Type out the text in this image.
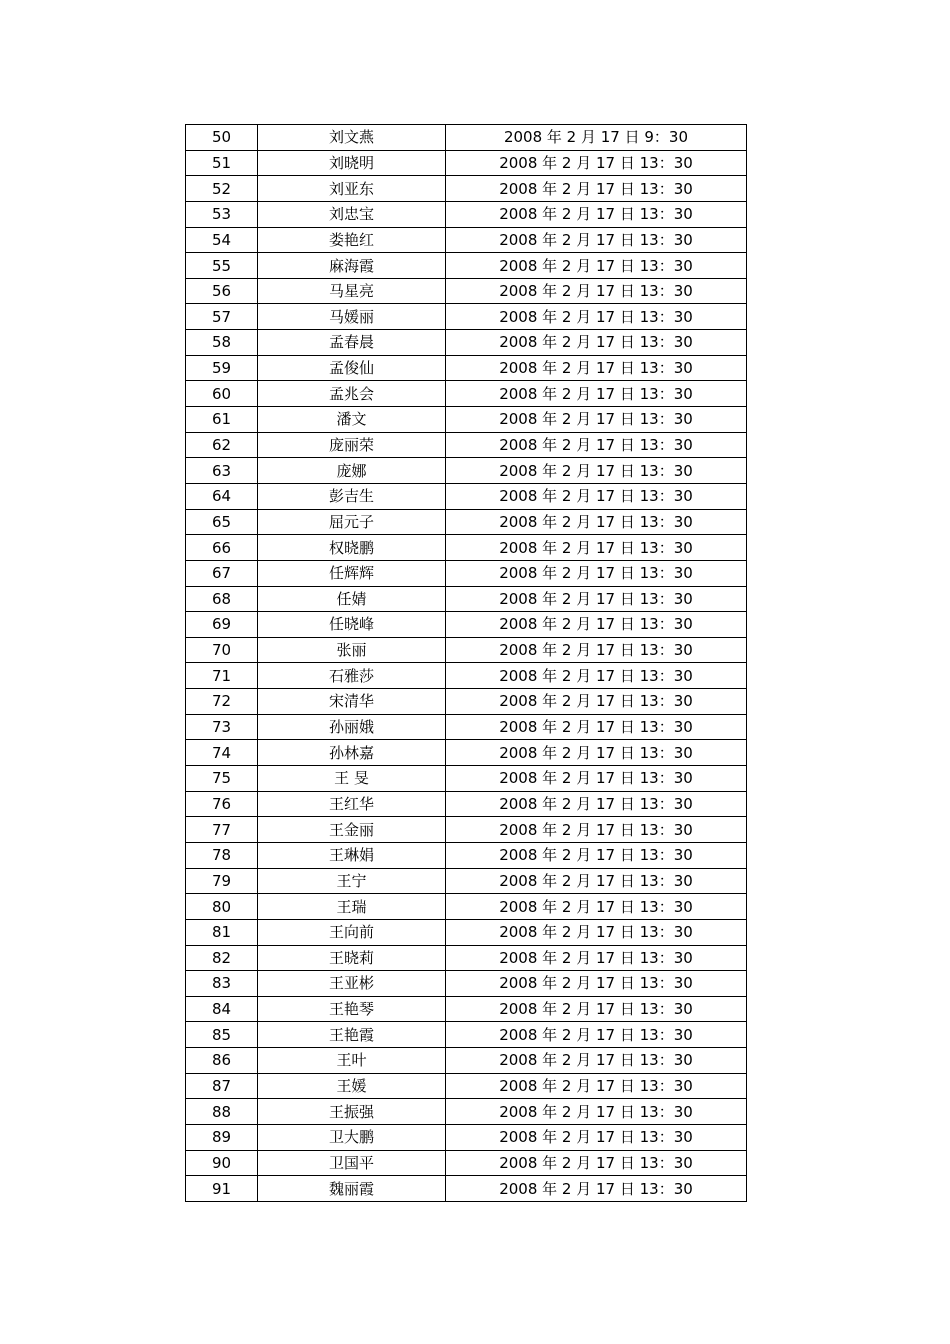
50	刘文燕	2008 年 2 月 17 日 9：30
51	刘晓明	2008 年 2 月 17 日 13：30
52	刘亚东	2008 年 2 月 17 日 13：30
53	刘忠宝	2008 年 2 月 17 日 13：30
54	娄艳红	2008 年 2 月 17 日 13：30
55	麻海霞	2008 年 2 月 17 日 13：30
56	马星亮	2008 年 2 月 17 日 13：30
57	马媛丽	2008 年 2 月 17 日 13：30
58	孟春晨	2008 年 2 月 17 日 13：30
59	孟俊仙	2008 年 2 月 17 日 13：30
60	孟兆会	2008 年 2 月 17 日 13：30
61	潘文	2008 年 2 月 17 日 13：30
62	庞丽荣	2008 年 2 月 17 日 13：30
63	庞娜	2008 年 2 月 17 日 13：30
64	彭吉生	2008 年 2 月 17 日 13：30
65	屈元子	2008 年 2 月 17 日 13：30
66	权晓鹏	2008 年 2 月 17 日 13：30
67	任辉辉	2008 年 2 月 17 日 13：30
68	任婧	2008 年 2 月 17 日 13：30
69	任晓峰	2008 年 2 月 17 日 13：30
70	张丽	2008 年 2 月 17 日 13：30
71	石雅莎	2008 年 2 月 17 日 13：30
72	宋清华	2008 年 2 月 17 日 13：30
73	孙丽娥	2008 年 2 月 17 日 13：30
74	孙林嘉	2008 年 2 月 17 日 13：30
75	王 旻	2008 年 2 月 17 日 13：30
76	王红华	2008 年 2 月 17 日 13：30
77	王金丽	2008 年 2 月 17 日 13：30
78	王琳娟	2008 年 2 月 17 日 13：30
79	王宁	2008 年 2 月 17 日 13：30
80	王瑞	2008 年 2 月 17 日 13：30
81	王向前	2008 年 2 月 17 日 13：30
82	王晓莉	2008 年 2 月 17 日 13：30
83	王亚彬	2008 年 2 月 17 日 13：30
84	王艳琴	2008 年 2 月 17 日 13：30
85	王艳霞	2008 年 2 月 17 日 13：30
86	王叶	2008 年 2 月 17 日 13：30
87	王媛	2008 年 2 月 17 日 13：30
88	王振强	2008 年 2 月 17 日 13：30
89	卫大鹏	2008 年 2 月 17 日 13：30
90	卫国平	2008 年 2 月 17 日 13：30
91	魏丽霞	2008 年 2 月 17 日 13：30
